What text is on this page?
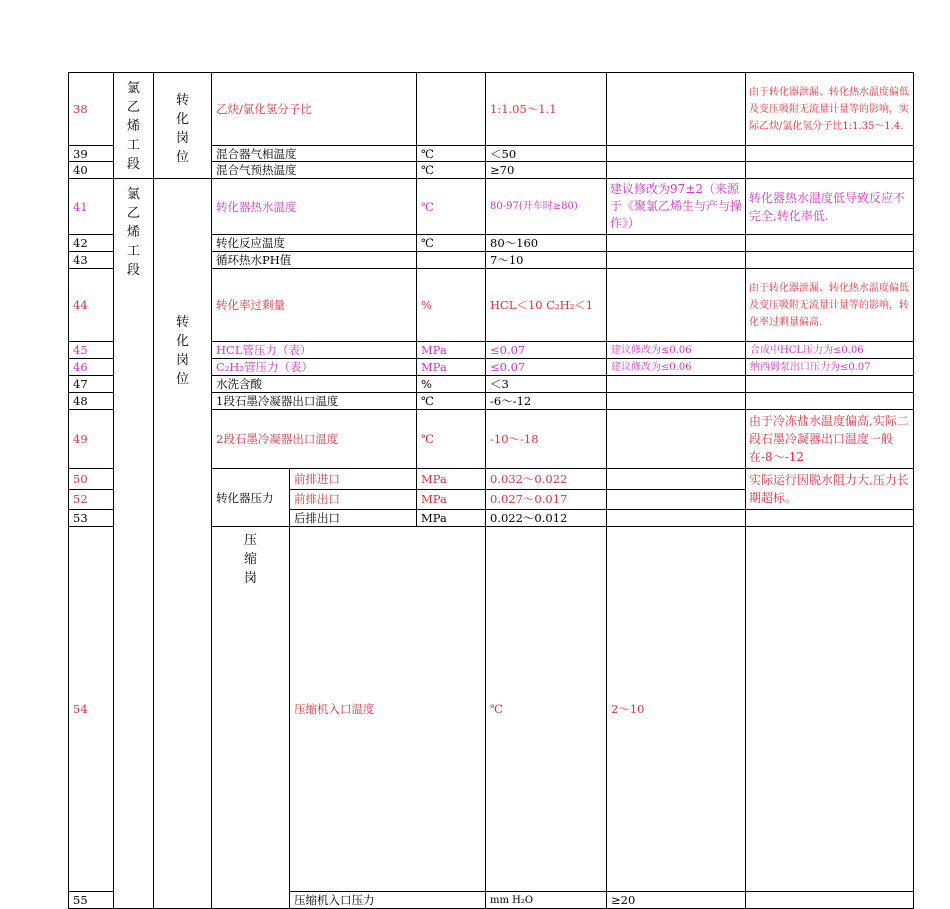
38	氯乙烯工段	转化岗位	乙炔/氯化氢分子比			1:1.05～1.1		由于转化器泄漏、转化热水温度偏低及变压吸附无流量计量等的影响，实际乙炔/氯化氢分子比1:1.35～1.4.	
39			混合器气相温度		℃	＜50			
40			混合气预热温度		℃	≥70			
41	氯乙烯工段	转化岗位	转化器热水温度		℃	80-97(开车时≥80)	建议修改为97±2（来源于《聚氯乙烯生与产与操作》）	转化器热水温度低导致反应不完全,转化率低.	
42			转化反应温度		℃	80～160			
43			循环热水PH值			7～10			
44			转化率过剩量		%	HCL＜10 C₂H₂＜1		由于转化器泄漏、转化热水温度偏低及变压吸附无流量计量等的影响，转化率过剩量偏高.	
45			HCL管压力（表）		MPa	≤0.07	建议修改为≤0.06	合成中HCL压力为≤0.06	
46			C₂H₂管压力（表）		MPa	≤0.07	建议修改为≤0.06	纳西姆泵出口压力为≤0.07	
47			水洗含酸		%	＜3			
48			1段石墨冷凝器出口温度		℃	-6～-12			
49			2段石墨冷凝器出口温度		℃	-10～-18		由于冷冻盐水温度偏高,实际二段石墨冷凝器出口温度一般在-8～-12	
50			转化器压力	前排进口	MPa	0.032～0.022		实际运行因脱水阻力大,压力长期超标。	
52				前排出口	MPa	0.027～0.017			
53				后排出口	MPa	0.022～0.012			
54			压缩岗	压缩机入口温度		℃	2～10		
55				压缩机入口压力		mm H₂O	≥20		
